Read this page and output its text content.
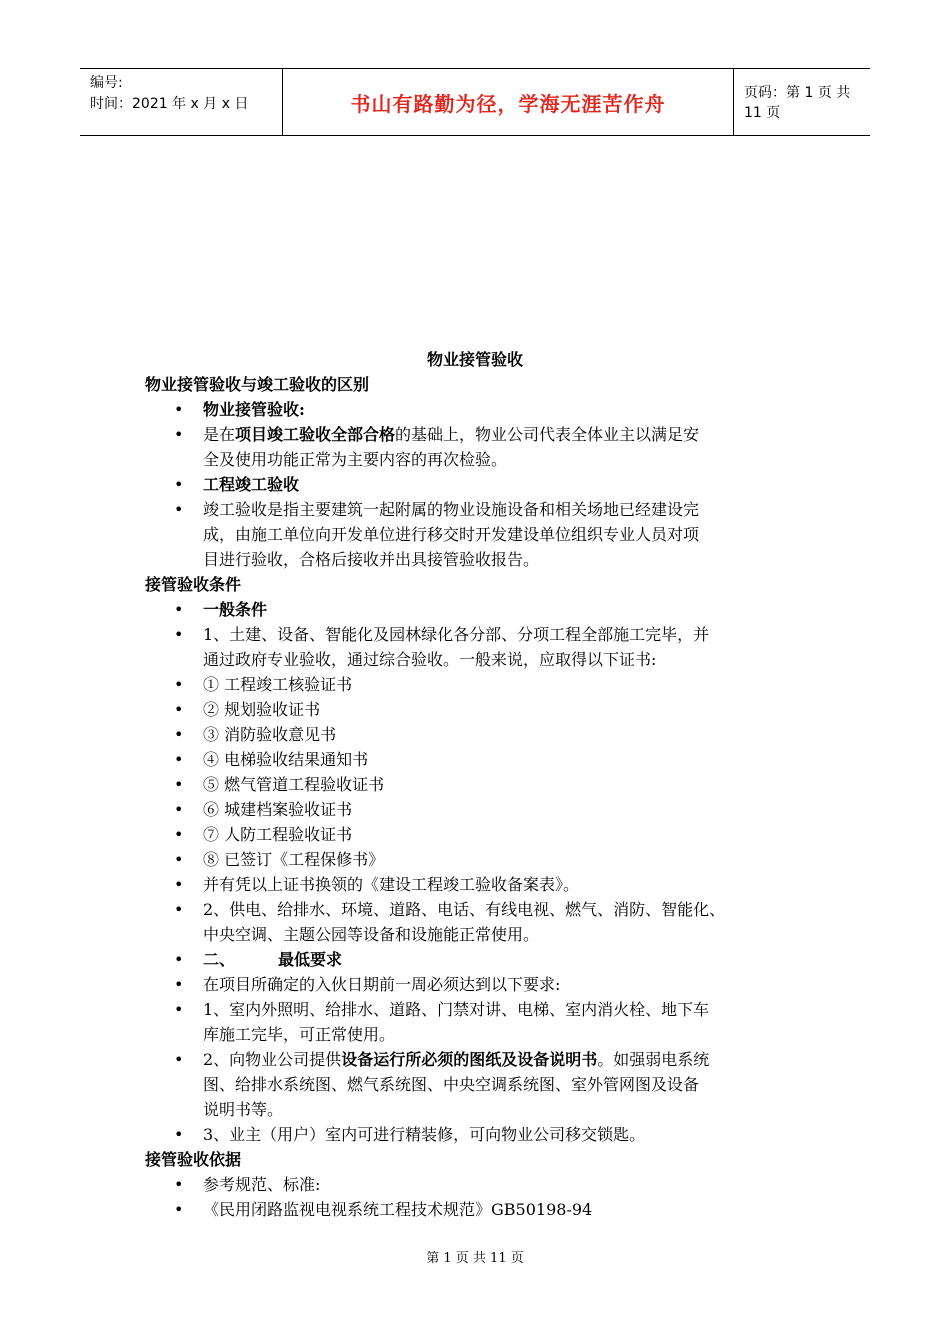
编号:
时间：2021 年 x 月 x 日	书山有路勤为径，学海无涯苦作舟	页码：第 1 页 共 11 页
物业接管验收
物业接管验收与竣工验收的区别
• 物业接管验收:
• 是在项目竣工验收全部合格的基础上，物业公司代表全体业主以满足安
全及使用功能正常为主要内容的再次检验。
• 工程竣工验收
• 竣工验收是指主要建筑一起附属的物业设施设备和相关场地已经建设完
成，由施工单位向开发单位进行移交时开发建设单位组织专业人员对项
目进行验收，合格后接收并出具接管验收报告。
接管验收条件
• 一般条件
• 1、土建、设备、智能化及园林绿化各分部、分项工程全部施工完毕，并
通过政府专业验收，通过综合验收。一般来说，应取得以下证书:
• ① 工程竣工核验证书
• ② 规划验收证书
• ③ 消防验收意见书
• ④ 电梯验收结果通知书
• ⑤ 燃气管道工程验收证书
• ⑥ 城建档案验收证书
• ⑦ 人防工程验收证书
• ⑧ 已签订《工程保修书》
• 并有凭以上证书换领的《建设工程竣工验收备案表》。
• 2、供电、给排水、环境、道路、电话、有线电视、燃气、消防、智能化、
中央空调、主题公园等设备和设施能正常使用。
• 二、	最低要求
• 在项目所确定的入伙日期前一周必须达到以下要求:
• 1、室内外照明、给排水、道路、门禁对讲、电梯、室内消火栓、地下车
库施工完毕，可正常使用。
• 2、向物业公司提供设备运行所必须的图纸及设备说明书。如强弱电系统
图、给排水系统图、燃气系统图、中央空调系统图、室外管网图及设备
说明书等。
• 3、业主（用户）室内可进行精装修，可向物业公司移交锁匙。
接管验收依据
• 参考规范、标准:
• 《民用闭路监视电视系统工程技术规范》GB50198-94
第 1 页 共 11 页
